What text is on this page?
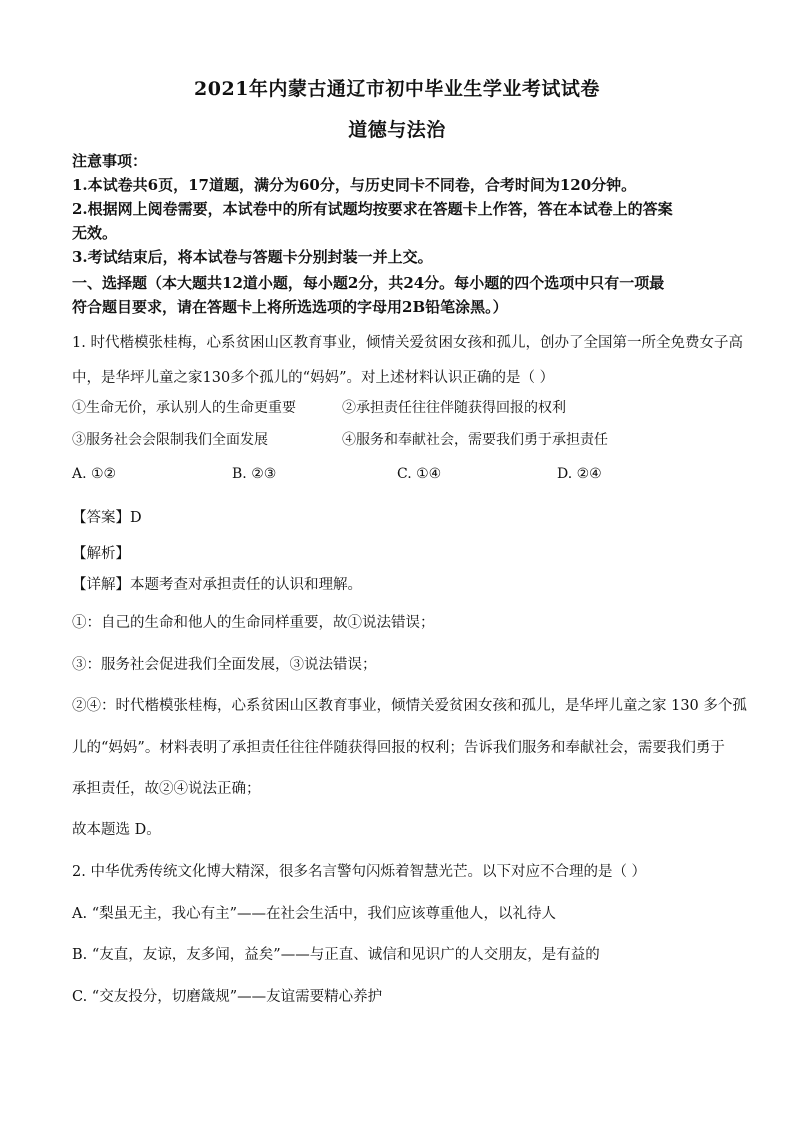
2021年内蒙古通辽市初中毕业生学业考试试卷
道德与法治
注意事项：
1.本试卷共6页，17道题，满分为60分，与历史同卡不同卷，合考时间为120分钟。
2.根据网上阅卷需要，本试卷中的所有试题均按要求在答题卡上作答，答在本试卷上的答案
无效。
3.考试结束后，将本试卷与答题卡分别封装一并上交。
一、选择题（本大题共12道小题，每小题2分，共24分。每小题的四个选项中只有一项最
符合题目要求，请在答题卡上将所选选项的字母用2B铅笔涂黑。）
1. 时代楷模张桂梅，心系贫困山区教育事业，倾情关爱贫困女孩和孤儿，创办了全国第一所全免费女子高
中，是华坪儿童之家130多个孤儿的“妈妈”。对上述材料认识正确的是（ ）
①生命无价，承认别人的生命更重要	②承担责任往往伴随获得回报的权利
③服务社会会限制我们全面发展	④服务和奉献社会，需要我们勇于承担责任
A. ①②	B. ②③	C. ①④	D. ②④
【答案】D
【解析】
【详解】本题考查对承担责任的认识和理解。
①：自己的生命和他人的生命同样重要，故①说法错误；
③：服务社会促进我们全面发展，③说法错误；
②④：时代楷模张桂梅，心系贫困山区教育事业，倾情关爱贫困女孩和孤儿，是华坪儿童之家 130 多个孤
儿的“妈妈”。材料表明了承担责任往往伴随获得回报的权利；告诉我们服务和奉献社会，需要我们勇于
承担责任，故②④说法正确；
故本题选 D。
2. 中华优秀传统文化博大精深，很多名言警句闪烁着智慧光芒。以下对应不合理的是（ ）
A. “梨虽无主，我心有主”——在社会生活中，我们应该尊重他人，以礼待人
B. “友直，友谅，友多闻，益矣”——与正直、诚信和见识广的人交朋友，是有益的
C. “交友投分，切磨箴规”——友谊需要精心养护
